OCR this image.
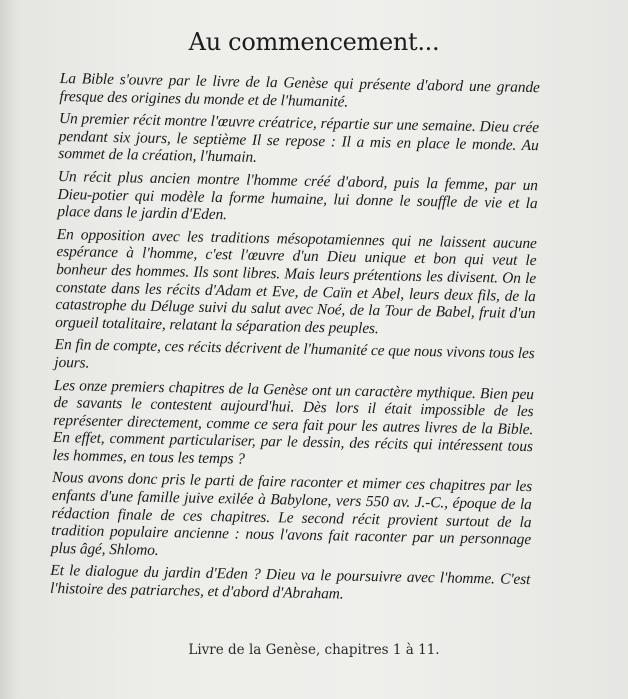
Au commencement...

La Bible s'ouvre par le livre de la Genèse qui présente d'abord une grande fresque des origines du monde et de l'humanité.

Un premier récit montre l'œuvre créatrice, répartie sur une semaine. Dieu crée pendant six jours, le septième Il se repose : Il a mis en place le monde. Au sommet de la création, l'humain.

Un récit plus ancien montre l'homme créé d'abord, puis la femme, par un Dieu-potier qui modèle la forme humaine, lui donne le souffle de vie et la place dans le jardin d'Eden.

En opposition avec les traditions mésopotamiennes qui ne laissent aucune espérance à l'homme, c'est l'œuvre d'un Dieu unique et bon qui veut le bonheur des hommes. Ils sont libres. Mais leurs prétentions les divisent. On le constate dans les récits d'Adam et Eve, de Caïn et Abel, leurs deux fils, de la catastrophe du Déluge suivi du salut avec Noé, de la Tour de Babel, fruit d'un orgueil totalitaire, relatant la séparation des peuples.

En fin de compte, ces récits décrivent de l'humanité ce que nous vivons tous les jours.

Les onze premiers chapitres de la Genèse ont un caractère mythique. Bien peu de savants le contestent aujourd'hui. Dès lors il était impossible de les représenter directement, comme ce sera fait pour les autres livres de la Bible. En effet, comment particulariser, par le dessin, des récits qui intéressent tous les hommes, en tous les temps ?

Nous avons donc pris le parti de faire raconter et mimer ces chapitres par les enfants d'une famille juive exilée à Babylone, vers 550 av. J.-C., époque de la rédaction finale de ces chapitres. Le second récit provient surtout de la tradition populaire ancienne : nous l'avons fait raconter par un personnage plus âgé, Shlomo.

Et le dialogue du jardin d'Eden ? Dieu va le poursuivre avec l'homme. C'est l'histoire des patriarches, et d'abord d'Abraham.

Livre de la Genèse, chapitres 1 à 11.
